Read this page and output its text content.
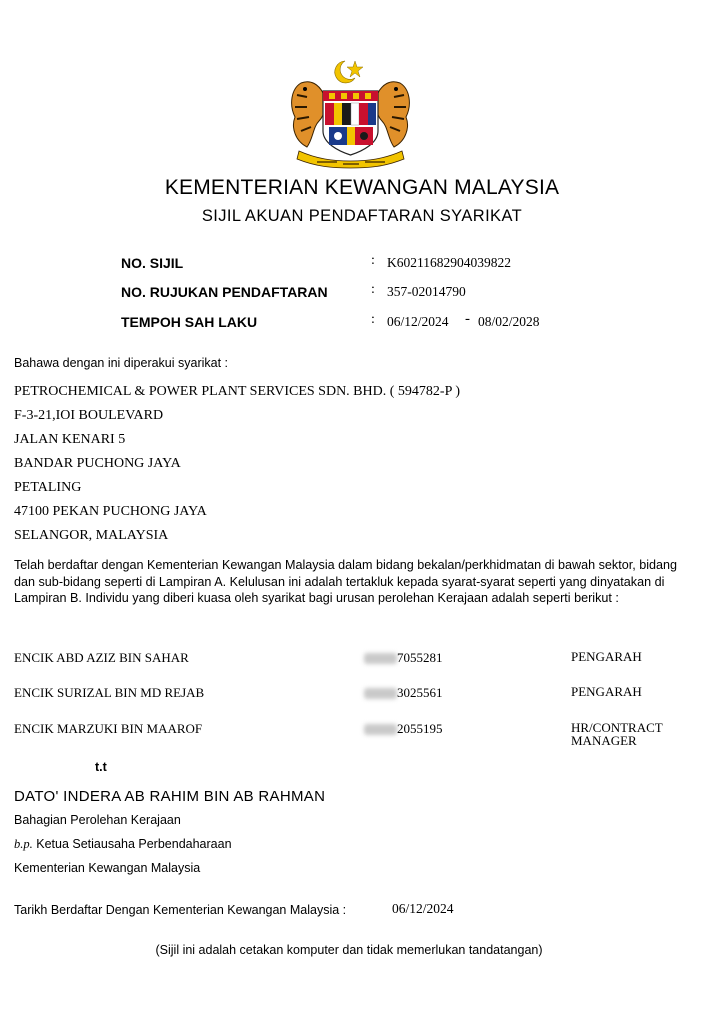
KEMENTERIAN KEWANGAN MALAYSIA
SIJIL AKUAN PENDAFTARAN SYARIKAT
NO. SIJIL	: K60211682904039822
NO. RUJUKAN PENDAFTARAN	: 357-02014790
TEMPOH SAH LAKU	: 06/12/2024 - 08/02/2028
Bahawa dengan ini diperakui syarikat :
PETROCHEMICAL & POWER PLANT SERVICES SDN. BHD. ( 594782-P )
F-3-21,IOI BOULEVARD
JALAN KENARI 5
BANDAR PUCHONG JAYA
PETALING
47100 PEKAN PUCHONG JAYA
SELANGOR, MALAYSIA
Telah berdaftar dengan Kementerian Kewangan Malaysia dalam bidang bekalan/perkhidmatan di bawah sektor, bidang
dan sub-bidang seperti di Lampiran A. Kelulusan ini adalah tertakluk kepada syarat-syarat seperti yang dinyatakan di
Lampiran B. Individu yang diberi kuasa oleh syarikat bagi urusan perolehan Kerajaan adalah seperti berikut :
ENCIK ABD AZIZ BIN SAHAR	7055281	PENGARAH
ENCIK SURIZAL BIN MD REJAB	3025561	PENGARAH
ENCIK MARZUKI BIN MAAROF	2055195	HR/CONTRACT
MANAGER
t.t
DATO' INDERA AB RAHIM BIN AB RAHMAN
Bahagian Perolehan Kerajaan
b.p. Ketua Setiausaha Perbendaharaan
Kementerian Kewangan Malaysia
Tarikh Berdaftar Dengan Kementerian Kewangan Malaysia :	06/12/2024
(Sijil ini adalah cetakan komputer dan tidak memerlukan tandatangan)
